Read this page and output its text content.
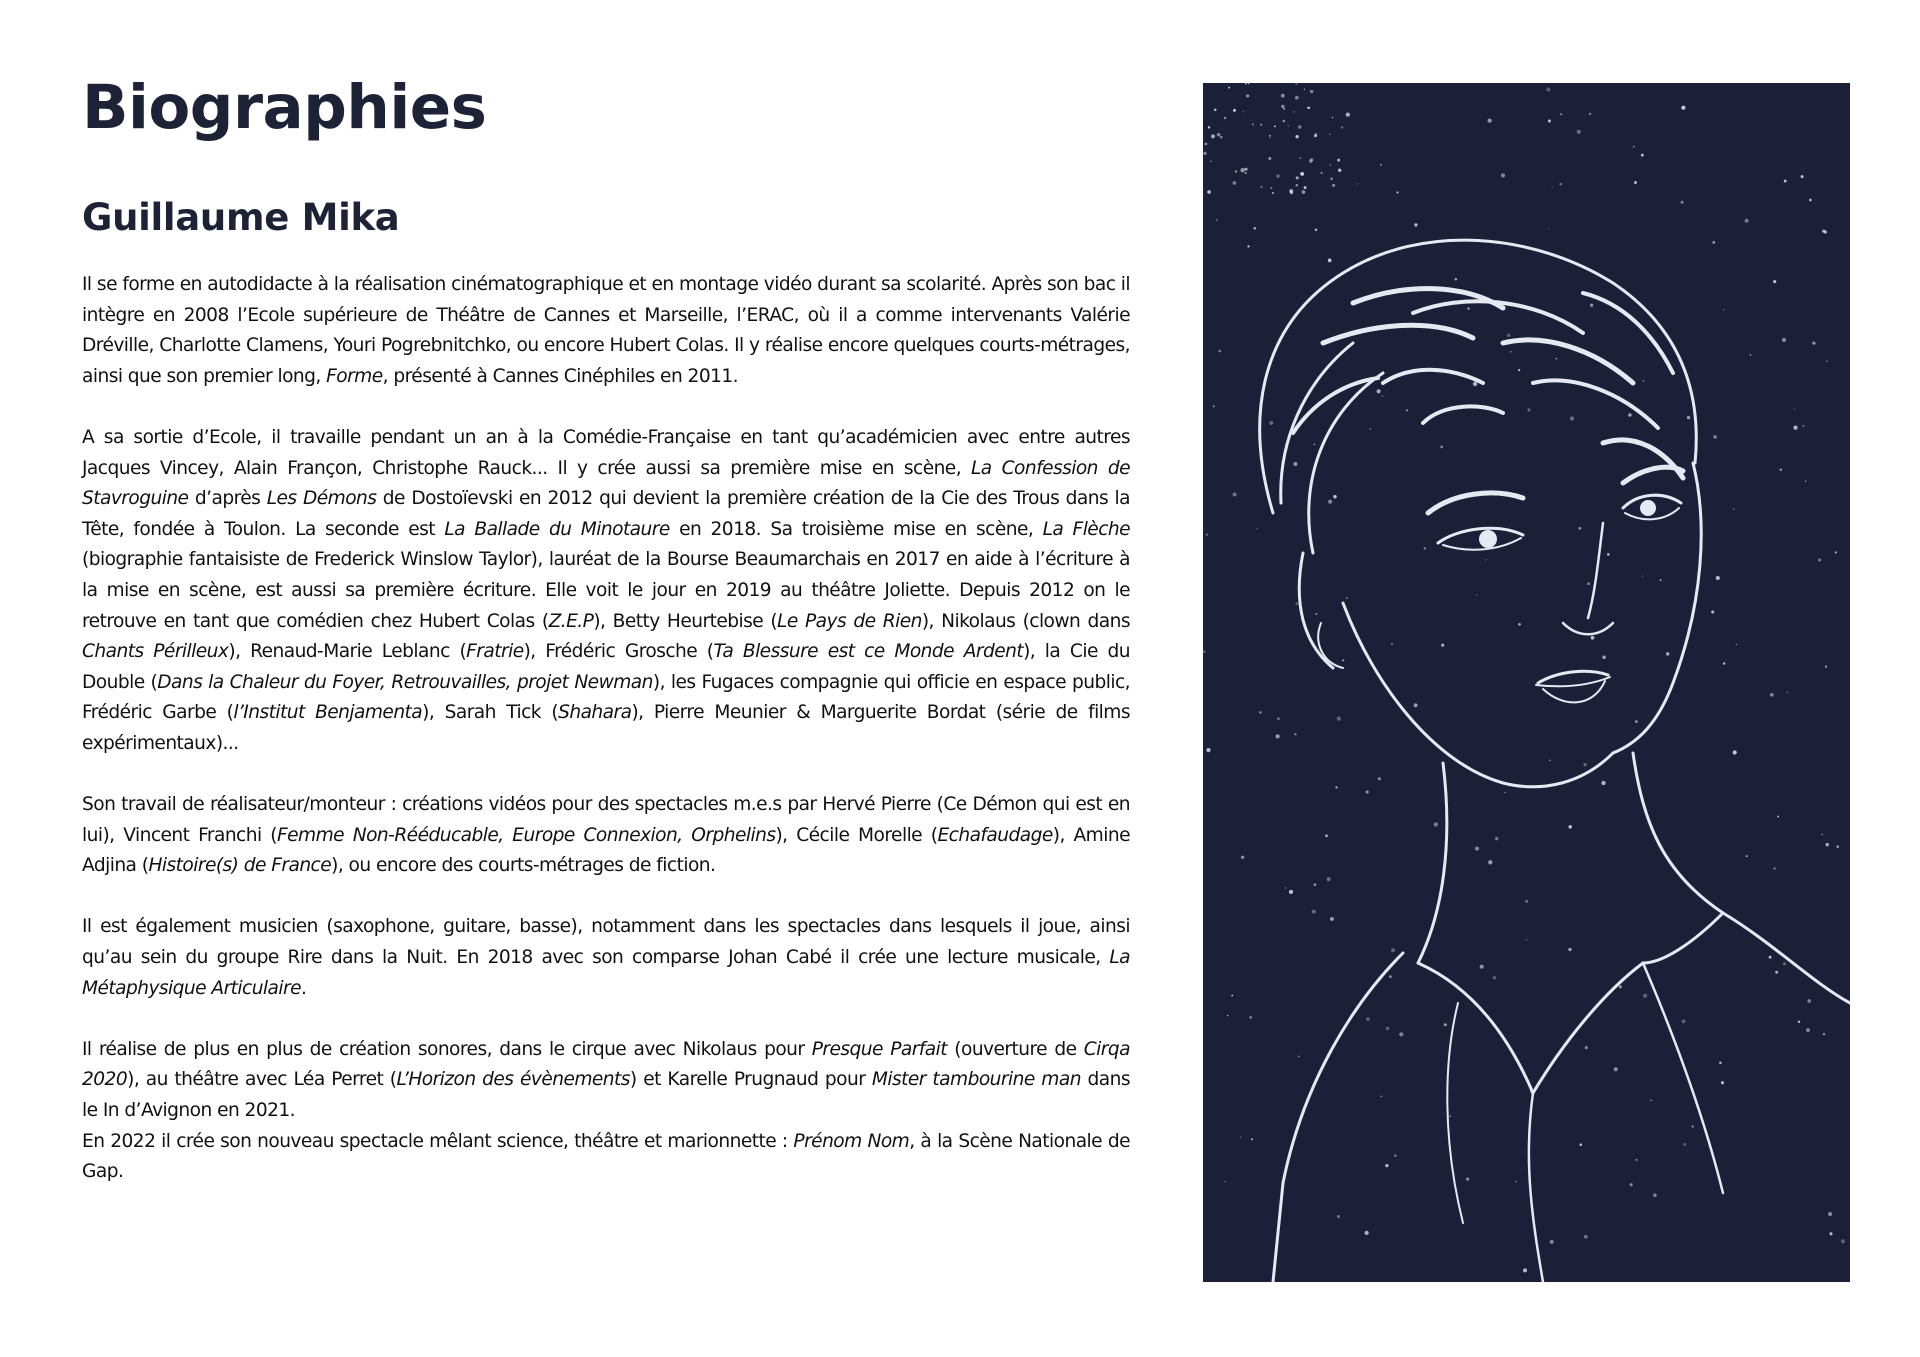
Biographies
Guillaume Mika

Il se forme en autodidacte à la réalisation cinématographique et en montage vidéo durant sa scolarité. Après son bac il intègre en 2008 l’Ecole supérieure de Théâtre de Cannes et Marseille, l’ERAC, où il a comme intervenants Valérie Dréville, Charlotte Clamens, Youri Pogrebnitchko, ou encore Hubert Colas. Il y réalise encore quelques courts-métrages, ainsi que son premier long, Forme, présenté à Cannes Cinéphiles en 2011.

A sa sortie d’Ecole, il travaille pendant un an à la Comédie-Française en tant qu’académicien avec entre autres Jacques Vincey, Alain Françon, Christophe Rauck... Il y crée aussi sa première mise en scène, La Confession de Stavroguine d’après Les Démons de Dostoïevski en 2012 qui devient la première création de la Cie des Trous dans la Tête, fondée à Toulon. La seconde est La Ballade du Minotaure en 2018. Sa troisième mise en scène, La Flèche (biographie fantaisiste de Frederick Winslow Taylor), lauréat de la Bourse Beaumarchais en 2017 en aide à l’écriture à la mise en scène, est aussi sa première écriture. Elle voit le jour en 2019 au théâtre Joliette. Depuis 2012 on le retrouve en tant que comédien chez Hubert Colas (Z.E.P), Betty Heurtebise (Le Pays de Rien), Nikolaus (clown dans Chants Périlleux), Renaud-Marie Leblanc (Fratrie), Frédéric Grosche (Ta Blessure est ce Monde Ardent), la Cie du Double (Dans la Chaleur du Foyer, Retrouvailles, projet Newman), les Fugaces compagnie qui officie en espace public, Frédéric Garbe (l’Institut Benjamenta), Sarah Tick (Shahara), Pierre Meunier & Marguerite Bordat (série de films expérimentaux)...

Son travail de réalisateur/monteur : créations vidéos pour des spectacles m.e.s par Hervé Pierre (Ce Démon qui est en lui), Vincent Franchi (Femme Non-Rééducable, Europe Connexion, Orphelins), Cécile Morelle (Echafaudage), Amine Adjina (Histoire(s) de France), ou encore des courts-métrages de fiction.

Il est également musicien (saxophone, guitare, basse), notamment dans les spectacles dans lesquels il joue, ainsi qu’au sein du groupe Rire dans la Nuit. En 2018 avec son comparse Johan Cabé il crée une lecture musicale, La Métaphysique Articulaire.

Il réalise de plus en plus de création sonores, dans le cirque avec Nikolaus pour Presque Parfait (ouverture de Cirqa 2020), au théâtre avec Léa Perret (L’Horizon des évènements) et Karelle Prugnaud pour Mister tambourine man dans le In d’Avignon en 2021.

En 2022 il crée son nouveau spectacle mêlant science, théâtre et marionnette : Prénom Nom, à la Scène Nationale de Gap.
